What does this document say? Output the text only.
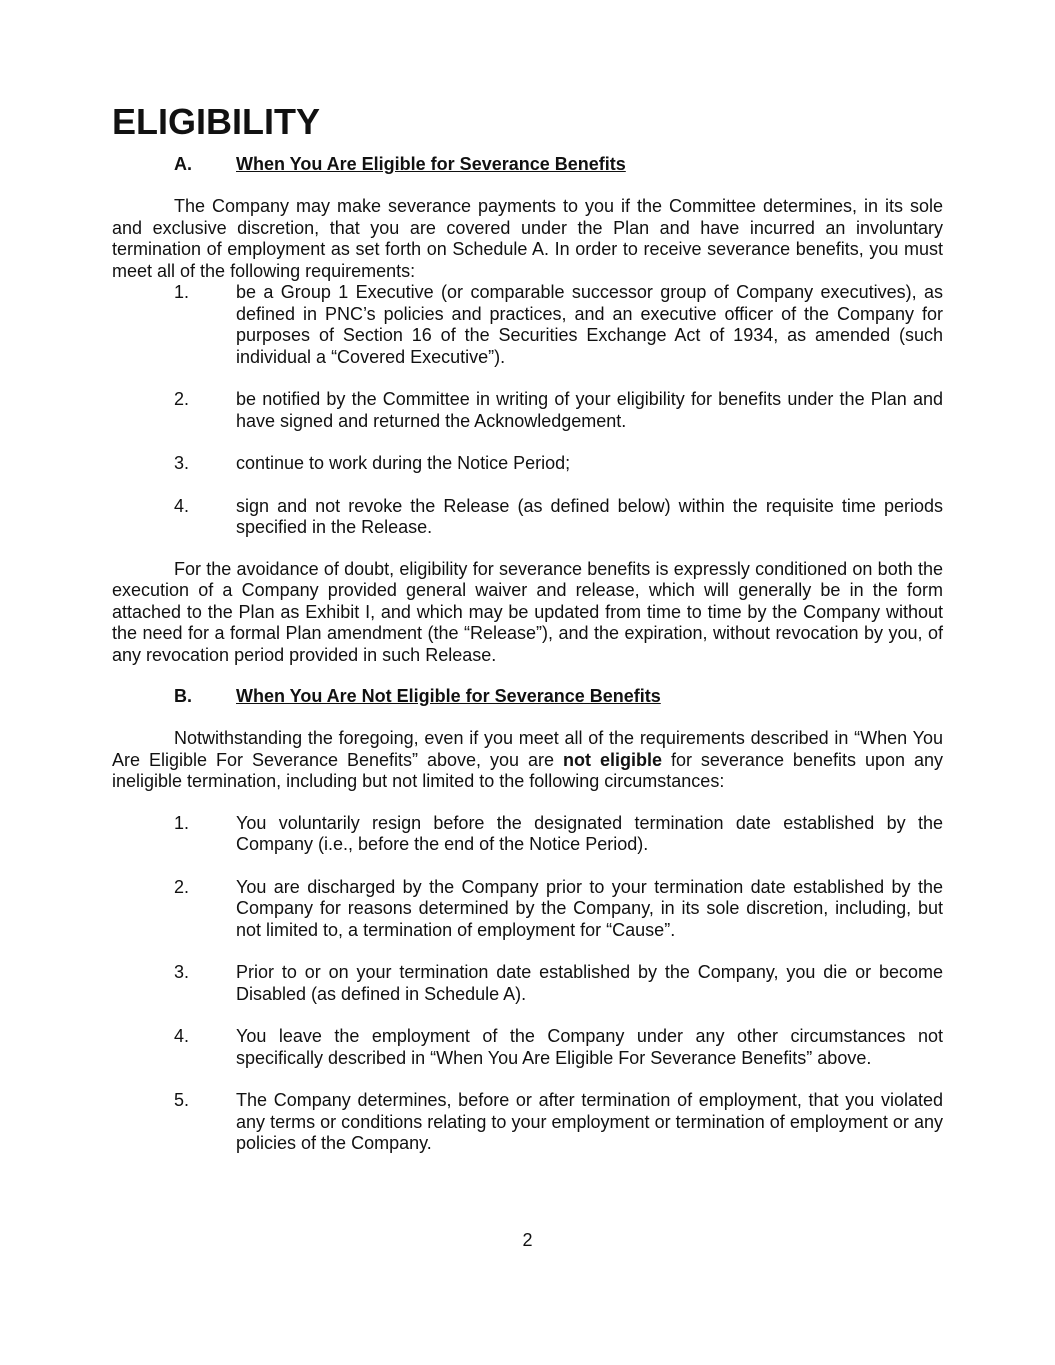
ELIGIBILITY
A.	When You Are Eligible for Severance Benefits

The Company may make severance payments to you if the Committee determines, in its sole and exclusive discretion, that you are covered under the Plan and have incurred an involuntary termination of employment as set forth on Schedule A. In order to receive severance benefits, you must meet all of the following requirements:

1.	be a Group 1 Executive (or comparable successor group of Company executives), as defined in PNC’s policies and practices, and an executive officer of the Company for purposes of Section 16 of the Securities Exchange Act of 1934, as amended (such individual a “Covered Executive”).
2.	be notified by the Committee in writing of your eligibility for benefits under the Plan and have signed and returned the Acknowledgement.
3.	continue to work during the Notice Period;
4.	sign and not revoke the Release (as defined below) within the requisite time periods specified in the Release.

For the avoidance of doubt, eligibility for severance benefits is expressly conditioned on both the execution of a Company provided general waiver and release, which will generally be in the form attached to the Plan as Exhibit I, and which may be updated from time to time by the Company without the need for a formal Plan amendment (the “Release”), and the expiration, without revocation by you, of any revocation period provided in such Release.

B.	When You Are Not Eligible for Severance Benefits

Notwithstanding the foregoing, even if you meet all of the requirements described in “When You Are Eligible For Severance Benefits” above, you are not eligible for severance benefits upon any ineligible termination, including but not limited to the following circumstances:

1.	You voluntarily resign before the designated termination date established by the Company (i.e., before the end of the Notice Period).
2.	You are discharged by the Company prior to your termination date established by the Company for reasons determined by the Company, in its sole discretion, including, but not limited to, a termination of employment for “Cause”.
3.	Prior to or on your termination date established by the Company, you die or become Disabled (as defined in Schedule A).
4.	You leave the employment of the Company under any other circumstances not specifically described in “When You Are Eligible For Severance Benefits” above.
5.	The Company determines, before or after termination of employment, that you violated any terms or conditions relating to your employment or termination of employment or any policies of the Company.
2
